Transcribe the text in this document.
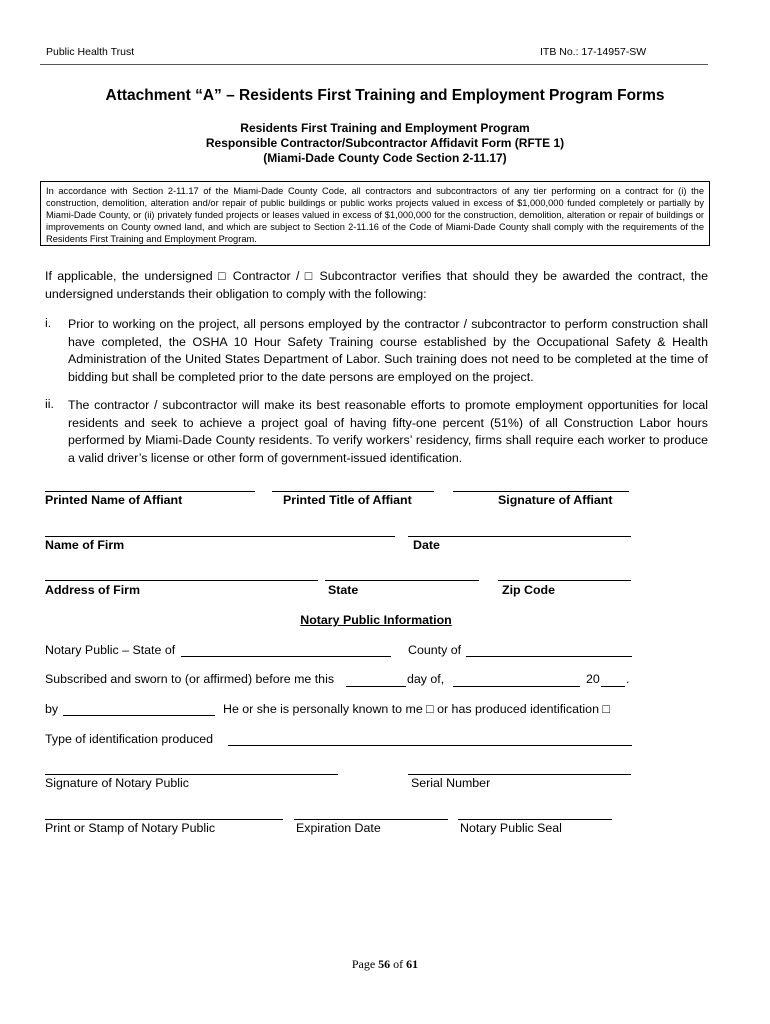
Public Health Trust	ITB No.: 17-14957-SW
Attachment “A” – Residents First Training and Employment Program Forms
Residents First Training and Employment Program
Responsible Contractor/Subcontractor Affidavit Form (RFTE 1)
(Miami-Dade County Code Section 2-11.17)
In accordance with Section 2-11.17 of the Miami-Dade County Code, all contractors and subcontractors of any tier performing on a contract for (i) the construction, demolition, alteration and/or repair of public buildings or public works projects valued in excess of $1,000,000 funded completely or partially by Miami-Dade County, or (ii) privately funded projects or leases valued in excess of $1,000,000 for the construction, demolition, alteration or repair of buildings or improvements on County owned land, and which are subject to Section 2-11.16 of the Code of Miami-Dade County shall comply with the requirements of the Residents First Training and Employment Program.
If applicable, the undersigned □ Contractor / □ Subcontractor verifies that should they be awarded the contract, the undersigned understands their obligation to comply with the following:
i. Prior to working on the project, all persons employed by the contractor / subcontractor to perform construction shall have completed, the OSHA 10 Hour Safety Training course established by the Occupational Safety & Health Administration of the United States Department of Labor. Such training does not need to be completed at the time of bidding but shall be completed prior to the date persons are employed on the project.
ii. The contractor / subcontractor will make its best reasonable efforts to promote employment opportunities for local residents and seek to achieve a project goal of having fifty-one percent (51%) of all Construction Labor hours performed by Miami-Dade County residents. To verify workers’ residency, firms shall require each worker to produce a valid driver’s license or other form of government-issued identification.
Printed Name of Affiant	Printed Title of Affiant	Signature of Affiant
Name of Firm	Date
Address of Firm	State	Zip Code
Notary Public Information
Notary Public – State of	County of
Subscribed and sworn to (or affirmed) before me this	day of,	20 .
by	He or she is personally known to me □ or has produced identification □
Type of identification produced
Signature of Notary Public	Serial Number
Print or Stamp of Notary Public	Expiration Date	Notary Public Seal
Page 56 of 61
